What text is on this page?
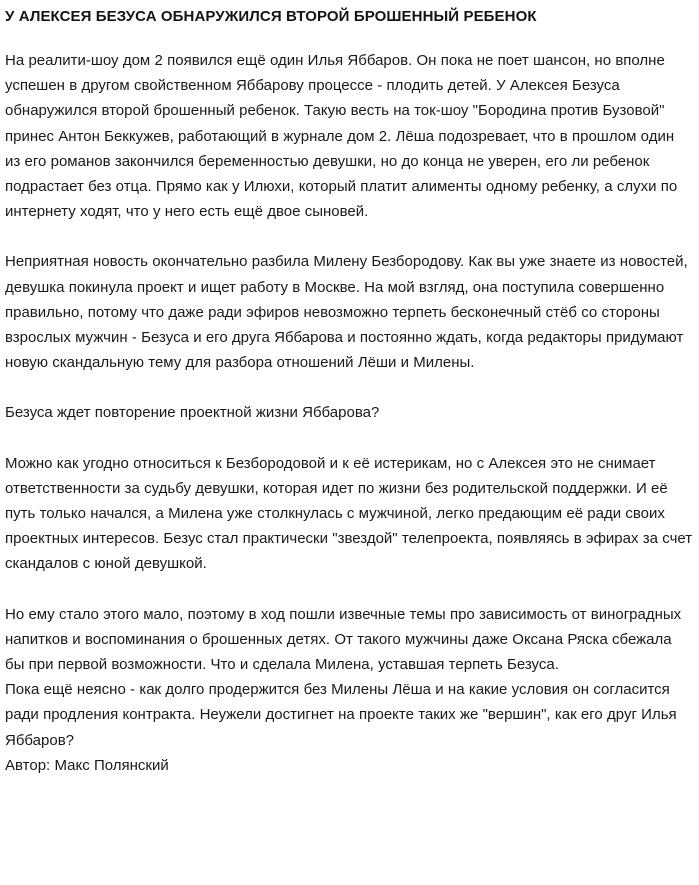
У АЛЕКСЕЯ БЕЗУСА ОБНАРУЖИЛСЯ ВТОРОЙ БРОШЕННЫЙ РЕБЕНОК

На реалити-шоу дом 2 появился ещё один Илья Яббаров. Он пока не поет шансон, но вполне успешен в другом свойственном Яббарову процессе - плодить детей. У Алексея Безуса обнаружился второй брошенный ребенок. Такую весть на ток-шоу "Бородина против Бузовой" принес Антон Беккужев, работающий в журнале дом 2. Лёша подозревает, что в прошлом один из его романов закончился беременностью девушки, но до конца не уверен, его ли ребенок подрастает без отца. Прямо как у Илюхи, который платит алименты одному ребенку, а слухи по интернету ходят, что у него есть ещё двое сыновей.

Неприятная новость окончательно разбила Милену Безбородову. Как вы уже знаете из новостей, девушка покинула проект и ищет работу в Москве. На мой взгляд, она поступила совершенно правильно, потому что даже ради эфиров невозможно терпеть бесконечный стёб со стороны взрослых мужчин - Безуса и его друга Яббарова и постоянно ждать, когда редакторы придумают новую скандальную тему для разбора отношений Лёши и Милены.

Безуса ждет повторение проектной жизни Яббарова?

Можно как угодно относиться к Безбородовой и к её истерикам, но с Алексея это не снимает ответственности за судьбу девушки, которая идет по жизни без родительской поддержки. И её путь только начался, а Милена уже столкнулась с мужчиной, легко предающим её ради своих проектных интересов. Безус стал практически "звездой" телепроекта, появляясь в эфирах за счет скандалов с юной девушкой.

Но ему стало этого мало, поэтому в ход пошли извечные темы про зависимость от виноградных напитков и воспоминания о брошенных детях. От такого мужчины даже Оксана Ряска сбежала бы при первой возможности. Что и сделала Милена, уставшая терпеть Безуса.
Пока ещё неясно - как долго продержится без Милены Лёша и на какие условия он согласится ради продления контракта. Неужели достигнет на проекте таких же "вершин", как его друг Илья Яббаров?
Автор: Макс Полянский
